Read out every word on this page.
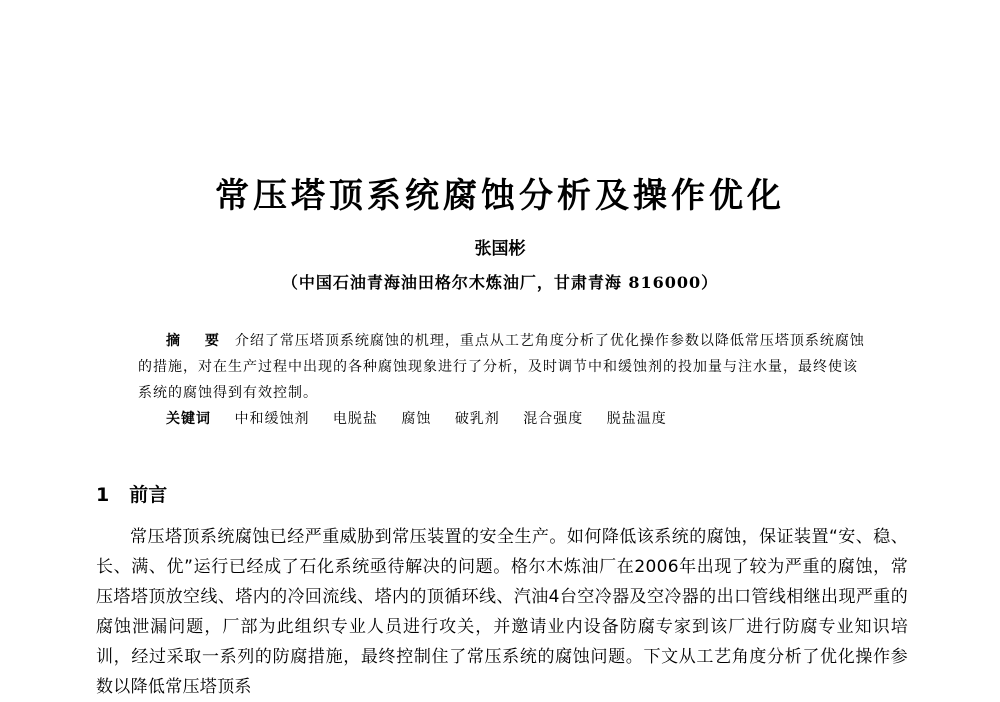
常压塔顶系统腐蚀分析及操作优化
张国彬
（中国石油青海油田格尔木炼油厂，甘肃青海 816000）
摘 要 介绍了常压塔顶系统腐蚀的机理，重点从工艺角度分析了优化操作参数以降低常压塔顶系统腐蚀的措施，对在生产过程中出现的各种腐蚀现象进行了分析，及时调节中和缓蚀剂的投加量与注水量，最终使该系统的腐蚀得到有效控制。
关键词 中和缓蚀剂 电脱盐 腐蚀 破乳剂 混合强度 脱盐温度
1 前言
常压塔顶系统腐蚀已经严重威胁到常压装置的安全生产。如何降低该系统的腐蚀，保证装置“安、稳、长、满、优”运行已经成了石化系统亟待解决的问题。格尔木炼油厂在2006年出现了较为严重的腐蚀，常压塔塔顶放空线、塔内的冷回流线、塔内的顶循环线、汽油4台空冷器及空冷器的出口管线相继出现严重的腐蚀泄漏问题，厂部为此组织专业人员进行攻关，并邀请业内设备防腐专家到该厂进行防腐专业知识培训，经过采取一系列的防腐措施，最终控制住了常压系统的腐蚀问题。下文从工艺角度分析了优化操作参数以降低常压塔顶系
